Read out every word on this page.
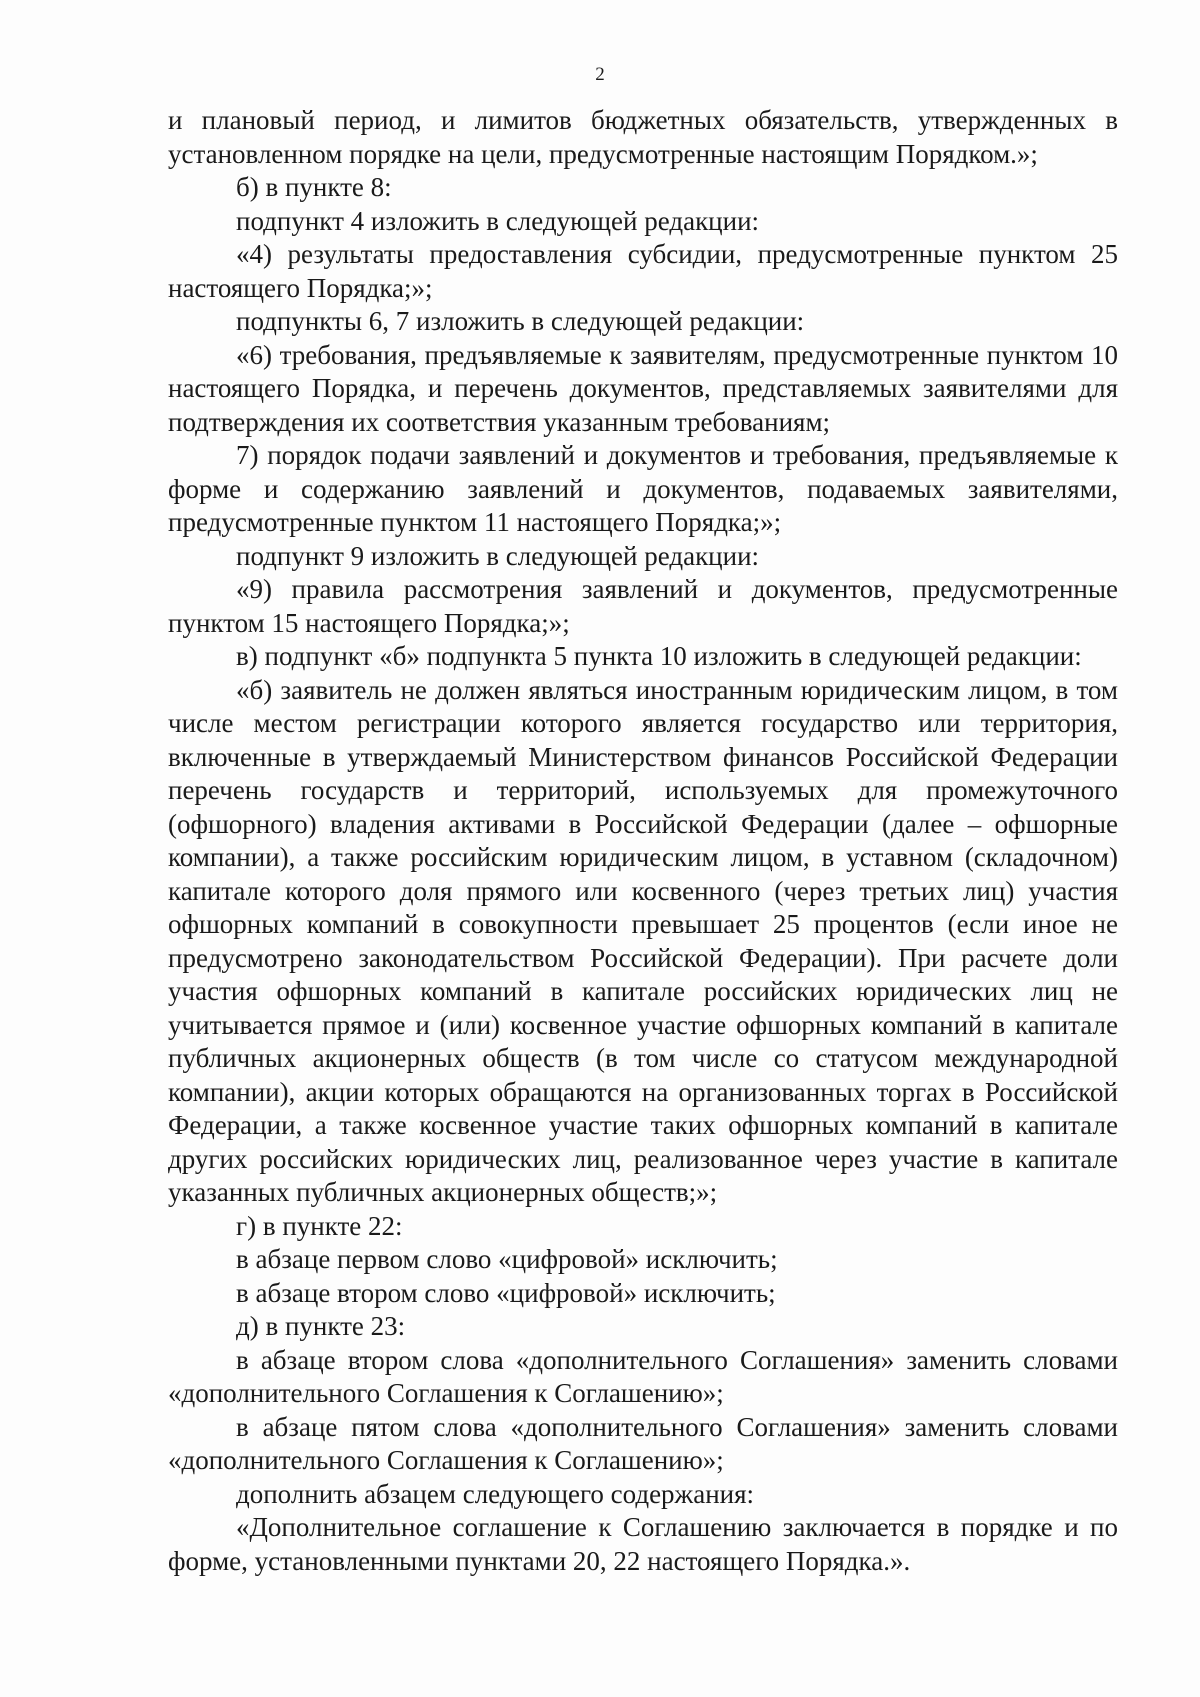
2

и плановый период, и лимитов бюджетных обязательств, утвержденных в установленном порядке на цели, предусмотренные настоящим Порядком.»;

б) в пункте 8:

подпункт 4 изложить в следующей редакции:

«4) результаты предоставления субсидии, предусмотренные пунктом 25 настоящего Порядка;»;

подпункты 6, 7 изложить в следующей редакции:

«6) требования, предъявляемые к заявителям, предусмотренные пунктом 10 настоящего Порядка, и перечень документов, представляемых заявителями для подтверждения их соответствия указанным требованиям;

7) порядок подачи заявлений и документов и требования, предъявляемые к форме и содержанию заявлений и документов, подаваемых заявителями, предусмотренные пунктом 11 настоящего Порядка;»;

подпункт 9 изложить в следующей редакции:

«9) правила рассмотрения заявлений и документов, предусмотренные пунктом 15 настоящего Порядка;»;

в) подпункт «б» подпункта 5 пункта 10 изложить в следующей редакции:

«б) заявитель не должен являться иностранным юридическим лицом, в том числе местом регистрации которого является государство или территория, включенные в утверждаемый Министерством финансов Российской Федерации перечень государств и территорий, используемых для промежуточного (офшорного) владения активами в Российской Федерации (далее – офшорные компании), а также российским юридическим лицом, в уставном (складочном) капитале которого доля прямого или косвенного (через третьих лиц) участия офшорных компаний в совокупности превышает 25 процентов (если иное не предусмотрено законодательством Российской Федерации). При расчете доли участия офшорных компаний в капитале российских юридических лиц не учитывается прямое и (или) косвенное участие офшорных компаний в капитале публичных акционерных обществ (в том числе со статусом международной компании), акции которых обращаются на организованных торгах в Российской Федерации, а также косвенное участие таких офшорных компаний в капитале других российских юридических лиц, реализованное через участие в капитале указанных публичных акционерных обществ;»;

г) в пункте 22:

в абзаце первом слово «цифровой» исключить;

в абзаце втором слово «цифровой» исключить;

д) в пункте 23:

в абзаце втором слова «дополнительного Соглашения» заменить словами «дополнительного Соглашения к Соглашению»;

в абзаце пятом слова «дополнительного Соглашения» заменить словами «дополнительного Соглашения к Соглашению»;

дополнить абзацем следующего содержания:

«Дополнительное соглашение к Соглашению заключается в порядке и по форме, установленными пунктами 20, 22 настоящего Порядка.».
